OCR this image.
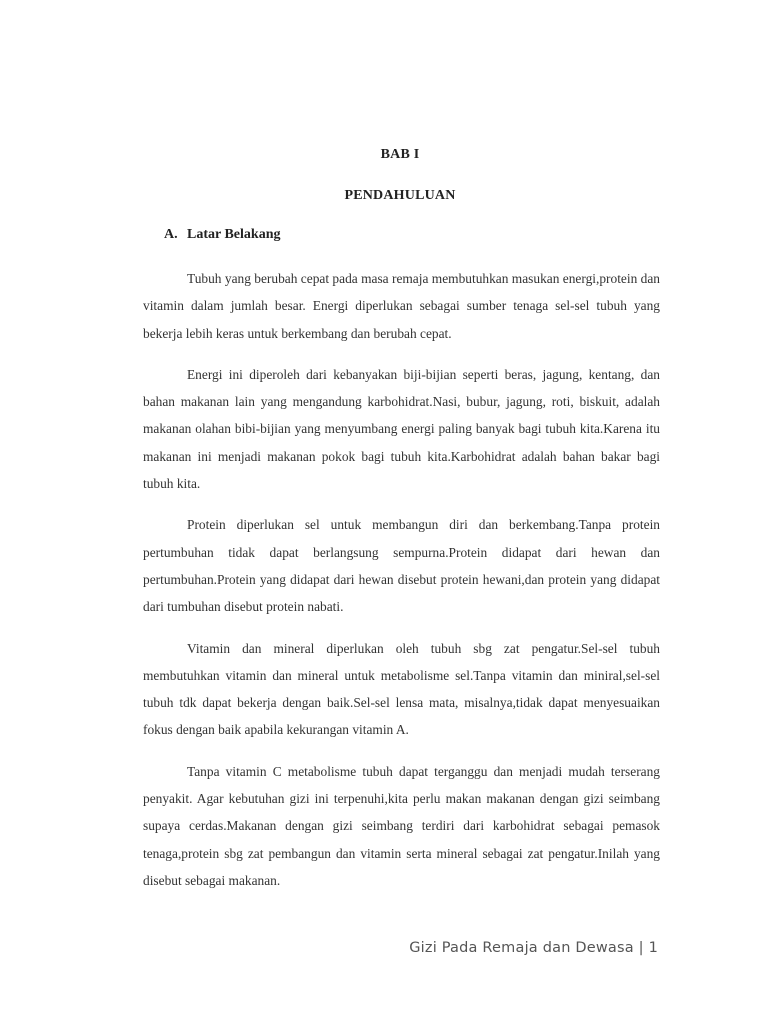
BAB I
PENDAHULUAN
A. Latar Belakang

Tubuh yang berubah cepat pada masa remaja membutuhkan masukan energi,protein dan vitamin dalam jumlah besar. Energi diperlukan sebagai sumber tenaga sel-sel tubuh yang bekerja lebih keras untuk berkembang dan berubah cepat.

Energi ini diperoleh dari kebanyakan biji-bijian seperti beras, jagung, kentang, dan bahan makanan lain yang mengandung karbohidrat.Nasi, bubur, jagung, roti, biskuit, adalah makanan olahan bibi-bijian yang menyumbang energi paling banyak bagi tubuh kita.Karena itu makanan ini menjadi makanan pokok bagi tubuh kita.Karbohidrat adalah bahan bakar bagi tubuh kita.

Protein diperlukan sel untuk membangun diri dan berkembang.Tanpa protein pertumbuhan tidak dapat berlangsung sempurna.Protein didapat dari hewan dan pertumbuhan.Protein yang didapat dari hewan disebut protein hewani,dan protein yang didapat dari tumbuhan disebut protein nabati.

Vitamin dan mineral diperlukan oleh tubuh sbg zat pengatur.Sel-sel tubuh membutuhkan vitamin dan mineral untuk metabolisme sel.Tanpa vitamin dan miniral,sel-sel tubuh tdk dapat bekerja dengan baik.Sel-sel lensa mata, misalnya,tidak dapat menyesuaikan fokus dengan baik apabila kekurangan vitamin A.

Tanpa vitamin C metabolisme tubuh dapat terganggu dan menjadi mudah terserang penyakit. Agar kebutuhan gizi ini terpenuhi,kita perlu makan makanan dengan gizi seimbang supaya cerdas.Makanan dengan gizi seimbang terdiri dari karbohidrat sebagai pemasok tenaga,protein sbg zat pembangun dan vitamin serta mineral sebagai zat pengatur.Inilah yang disebut sebagai makanan.

Gizi Pada Remaja dan Dewasa | 1
